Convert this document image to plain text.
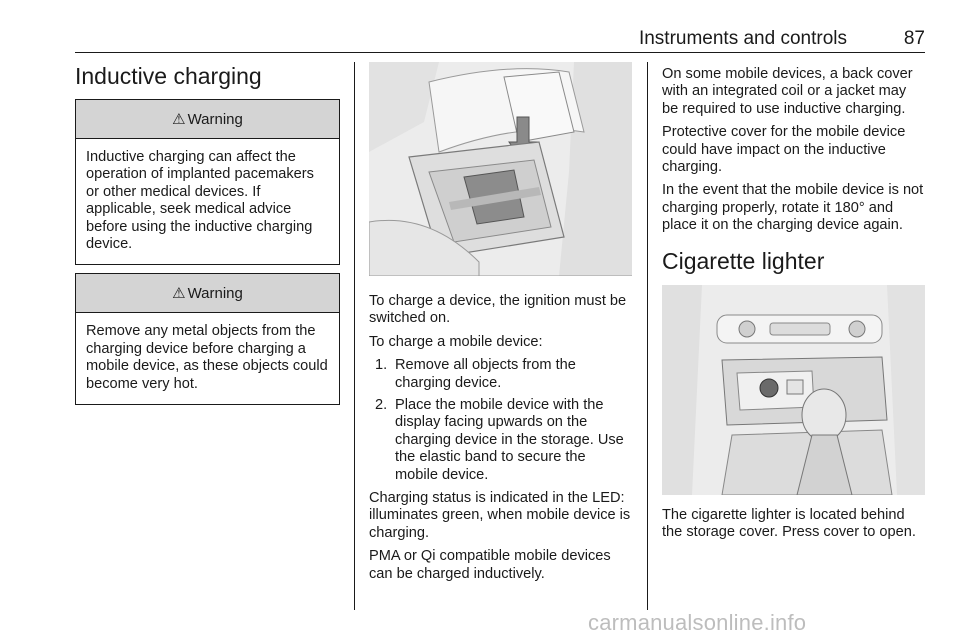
Instruments and controls	87
Inductive charging
⚠ Warning
Inductive charging can affect the operation of implanted pacemakers or other medical devices. If applicable, seek medical advice before using the inductive charging device.
⚠ Warning
Remove any metal objects from the charging device before charging a mobile device, as these objects could become very hot.

To charge a device, the ignition must be switched on.

To charge a mobile device:

1. Remove all objects from the charging device.
2. Place the mobile device with the display facing upwards on the charging device in the storage. Use the elastic band to secure the mobile device.

Charging status is indicated in the LED: illuminates green, when mobile device is charging.

PMA or Qi compatible mobile devices can be charged inductively.

On some mobile devices, a back cover with an integrated coil or a jacket may be required to use inductive charging.

Protective cover for the mobile device could have impact on the inductive charging.

In the event that the mobile device is not charging properly, rotate it 180° and place it on the charging device again.

Cigarette lighter

The cigarette lighter is located behind the storage cover. Press cover to open.

carmanualsonline.info
